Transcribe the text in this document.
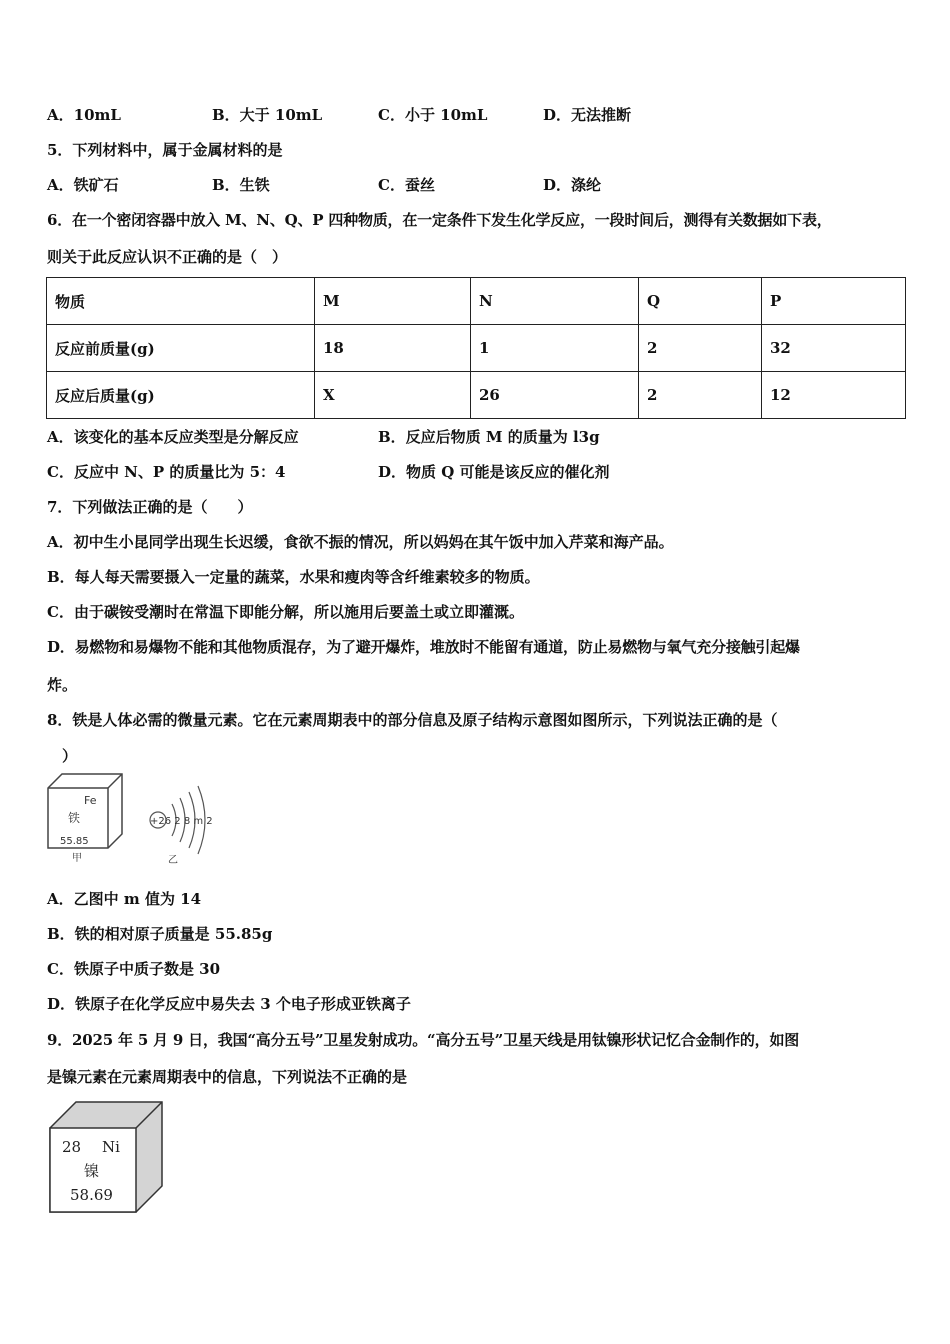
A．10mL	B．大于 10mL	C．小于 10mL	D．无法推断
5．下列材料中，属于金属材料的是
A．铁矿石	B．生铁	C．蚕丝	D．涤纶
6．在一个密闭容器中放入 M、N、Q、P 四种物质，在一定条件下发生化学反应，一段时间后，测得有关数据如下表，
则关于此反应认识不正确的是（　）
物质	M	N	Q	P
反应前质量(g)	18	1	2	32
反应后质量(g)	X	26	2	12
A．该变化的基本反应类型是分解反应	B．反应后物质 M 的质量为 l3g
C．反应中 N、P 的质量比为 5：4	D．物质 Q 可能是该反应的催化剂
7．下列做法正确的是（　　）
A．初中生小昆同学出现生长迟缓，食欲不振的情况，所以妈妈在其午饭中加入芹菜和海产品。
B．每人每天需要摄入一定量的蔬菜，水果和瘦肉等含纤维素较多的物质。
C．由于碳铵受潮时在常温下即能分解，所以施用后要盖土或立即灌溉。
D．易燃物和易爆物不能和其他物质混存，为了避开爆炸，堆放时不能留有通道，防止易燃物与氧气充分接触引起爆
炸。
8．铁是人体必需的微量元素。它在元素周期表中的部分信息及原子结构示意图如图所示，下列说法正确的是（
）
Fe
铁
55.85
甲
+26 2 8 m 2
乙
A．乙图中 m 值为 14
B．铁的相对原子质量是 55.85g
C．铁原子中质子数是 30
D．铁原子在化学反应中易失去 3 个电子形成亚铁离子
9．2025 年 5 月 9 日，我国“高分五号”卫星发射成功。“高分五号”卫星天线是用钛镍形状记忆合金制作的，如图
是镍元素在元素周期表中的信息，下列说法不正确的是
28 Ni
镍
58.69
